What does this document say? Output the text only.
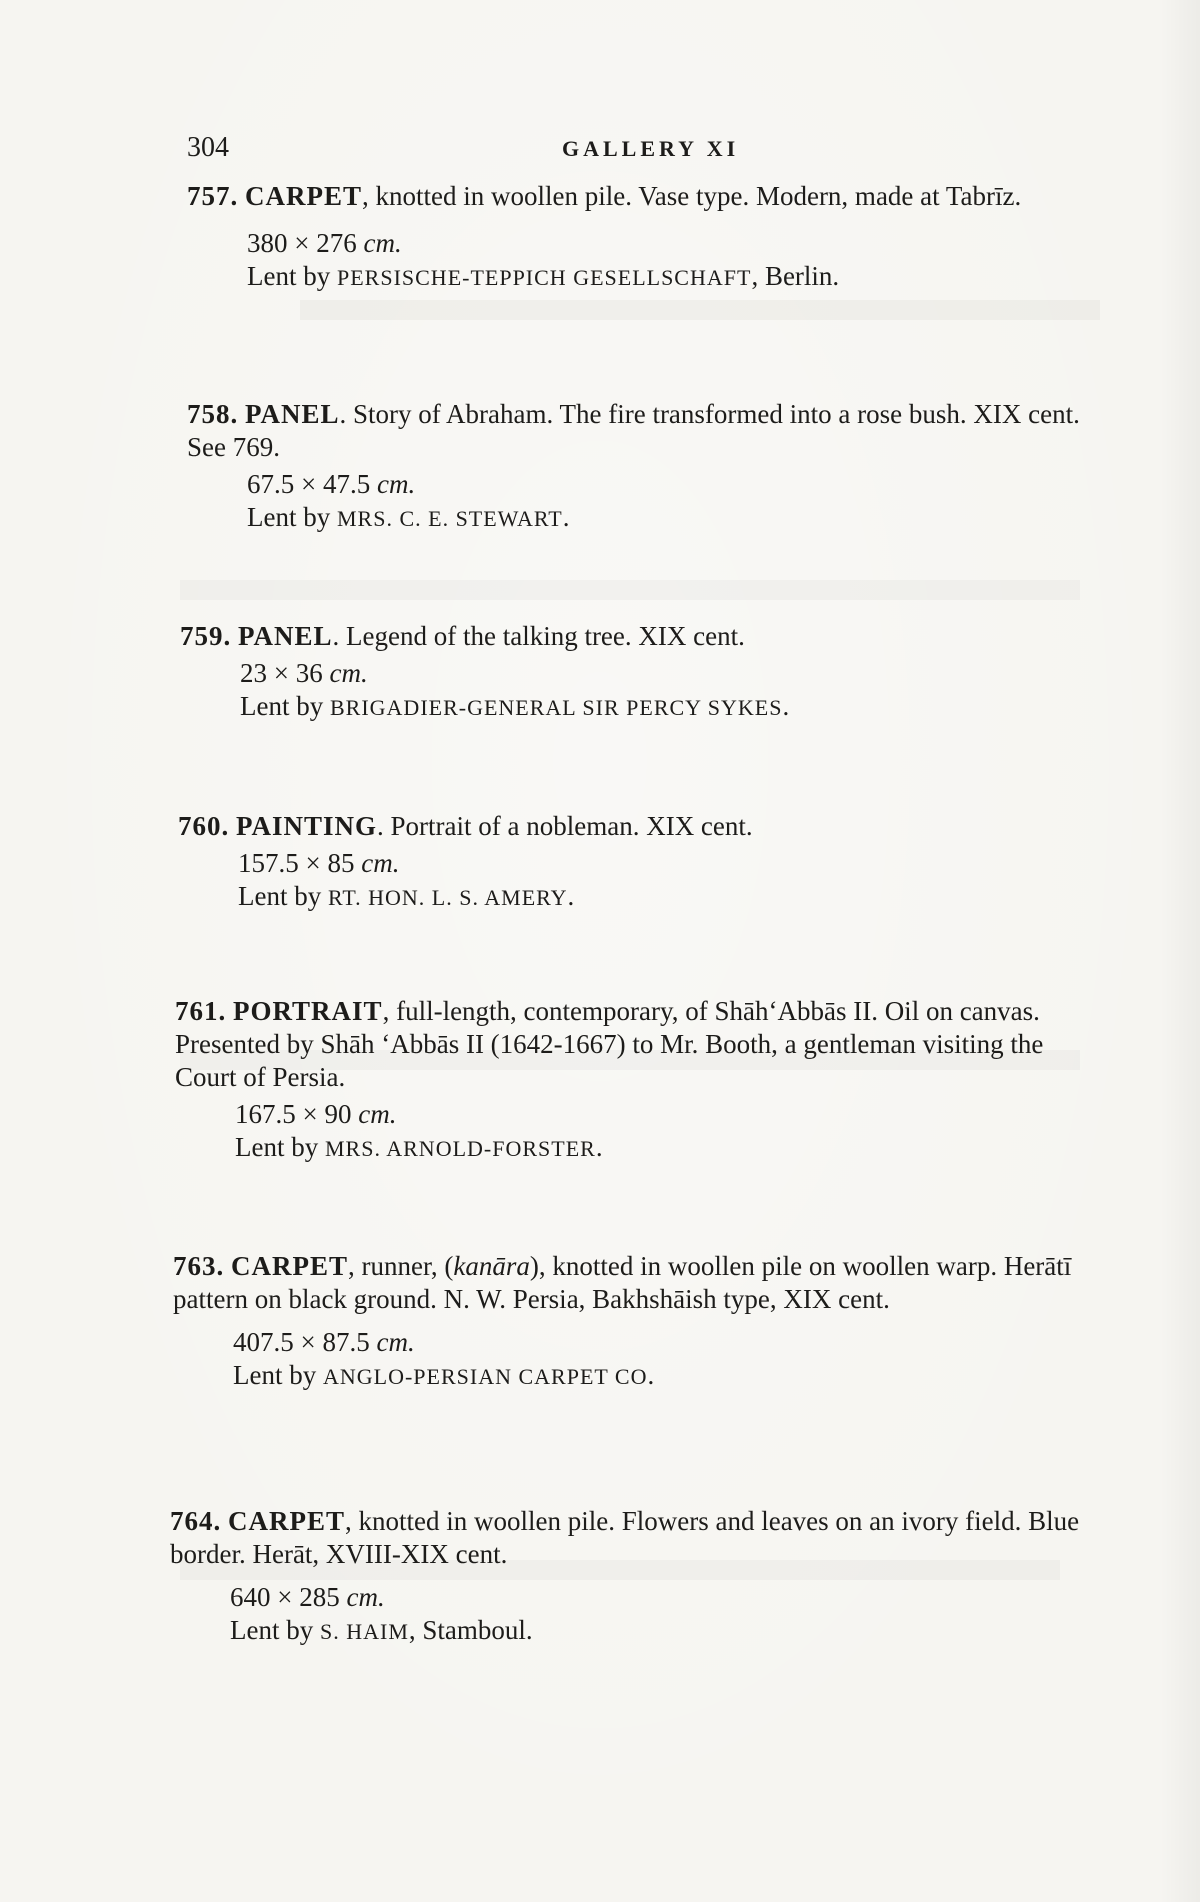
304	GALLERY XI

757. CARPET, knotted in woollen pile. Vase type. Modern, made at Tabrīz.

380 × 276 cm.

Lent by PERSISCHE-TEPPICH GESELLSCHAFT, Berlin.

758. PANEL. Story of Abraham. The fire transformed into a rose bush. XIX cent. See 769.

67.5 × 47.5 cm.

Lent by MRS. C. E. STEWART.

759. PANEL. Legend of the talking tree. XIX cent.

23 × 36 cm.

Lent by BRIGADIER-GENERAL SIR PERCY SYKES.

760. PAINTING. Portrait of a nobleman. XIX cent.

157.5 × 85 cm.

Lent by RT. HON. L. S. AMERY.

761. PORTRAIT, full-length, contemporary, of Shāh‘Abbās II. Oil on canvas. Presented by Shāh ‘Abbās II (1642-1667) to Mr. Booth, a gentleman visiting the Court of Persia.

167.5 × 90 cm.

Lent by MRS. ARNOLD-FORSTER.

763. CARPET, runner, (kanāra), knotted in woollen pile on woollen warp. Herātī pattern on black ground. N. W. Persia, Bakhshāish type, XIX cent.

407.5 × 87.5 cm.

Lent by ANGLO-PERSIAN CARPET CO.

764. CARPET, knotted in woollen pile. Flowers and leaves on an ivory field. Blue border. Herāt, XVIII-XIX cent.

640 × 285 cm.

Lent by S. HAIM, Stamboul.
